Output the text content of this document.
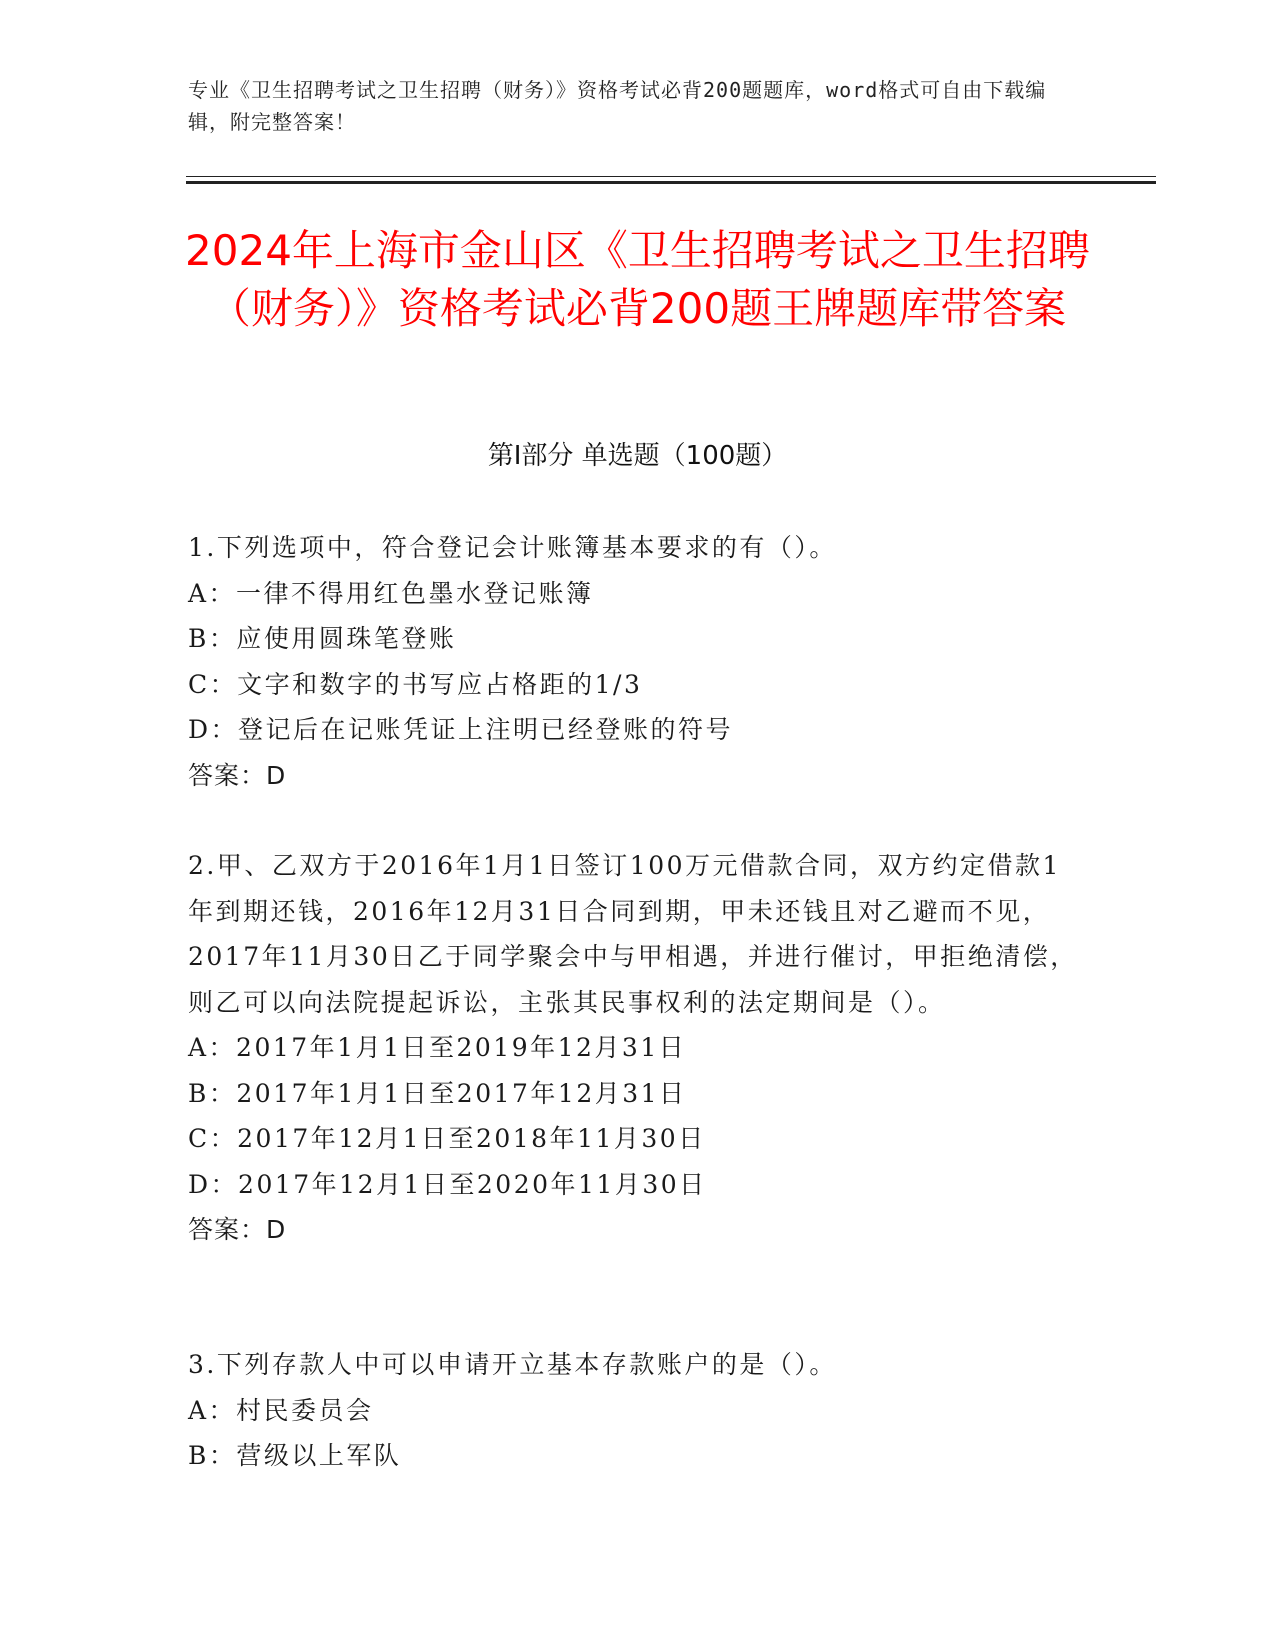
专业《卫生招聘考试之卫生招聘（财务）》资格考试必背200题题库，word格式可自由下载编辑，附完整答案！
2024年上海市金山区《卫生招聘考试之卫生招聘（财务）》资格考试必背200题王牌题库带答案
第I部分 单选题（100题）

1.下列选项中，符合登记会计账簿基本要求的有（）。

A：一律不得用红色墨水登记账簿

B：应使用圆珠笔登账

C：文字和数字的书写应占格距的1/3

D：登记后在记账凭证上注明已经登账的符号

答案：D

2.甲、乙双方于2016年1月1日签订100万元借款合同，双方约定借款1年到期还钱，2016年12月31日合同到期，甲未还钱且对乙避而不见，2017年11月30日乙于同学聚会中与甲相遇，并进行催讨，甲拒绝清偿，则乙可以向法院提起诉讼，主张其民事权利的法定期间是（）。

A：2017年1月1日至2019年12月31日

B：2017年1月1日至2017年12月31日

C：2017年12月1日至2018年11月30日

D：2017年12月1日至2020年11月30日

答案：D

3.下列存款人中可以申请开立基本存款账户的是（）。

A：村民委员会

B：营级以上军队
